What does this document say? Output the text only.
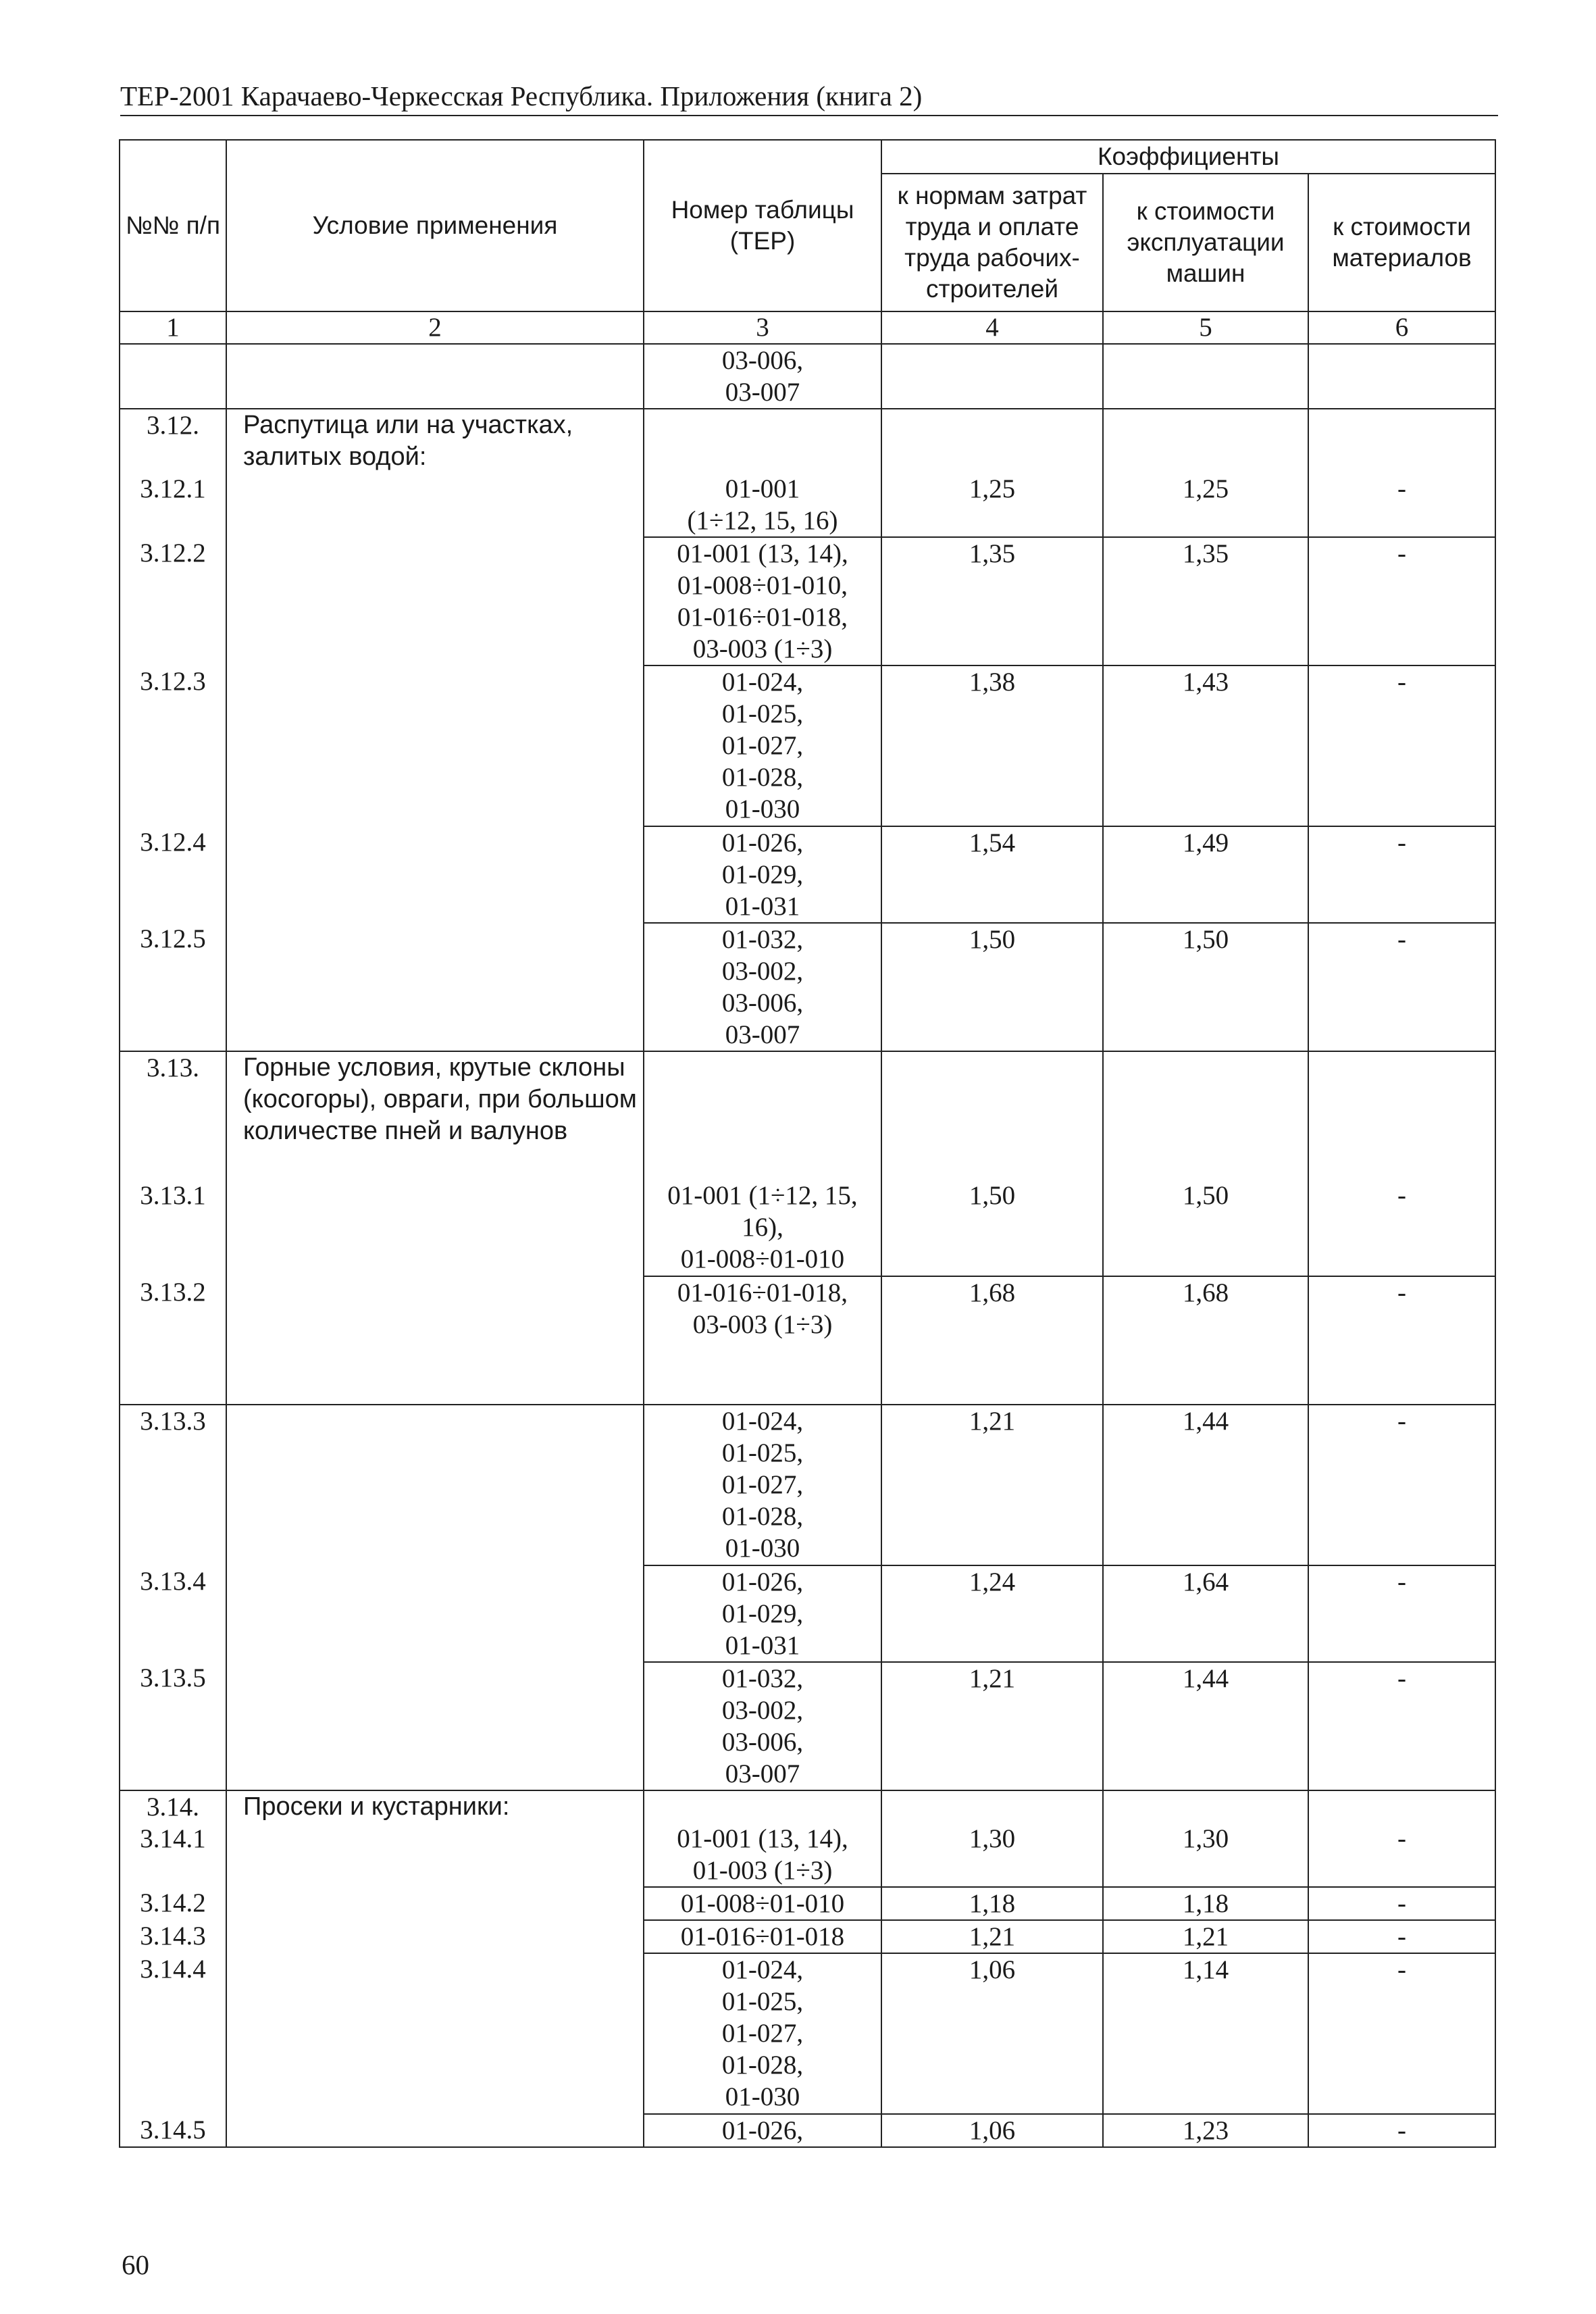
ТЕР-2001 Карачаево-Черкесская Республика. Приложения (книга 2)
№№ п/п	Условие применения	Номер таблицы (ТЕР)	Коэффициенты		
			к нормам затрат труда и оплате труда рабочих-строителей	к стоимости эксплуатации машин	к стоимости материалов
1	2	3	4	5	6

		03-006,
03-007			

3.12.	Распутица или на участках, залитых водой:				
3.12.1		01-001
(1÷12, 15, 16)	1,25	1,25	-
3.12.2		01-001 (13, 14),
01-008÷01-010,
01-016÷01-018,
03-003 (1÷3)	1,35	1,35	-
3.12.3		01-024,
01-025,
01-027,
01-028,
01-030	1,38	1,43	-
3.12.4		01-026,
01-029,
01-031	1,54	1,49	-
3.12.5		01-032,
03-002,
03-006,
03-007	1,50	1,50	-
3.13.	Горные условия, крутые склоны (косогоры), овраги, при большом количестве пней и валунов				
3.13.1		01-001 (1÷12, 15,
16),
01-008÷01-010	1,50	1,50	-
3.13.2		01-016÷01-018,
03-003 (1÷3)	1,68	1,68	-
3.13.3		01-024,
01-025,
01-027,
01-028,
01-030	1,21	1,44	-
3.13.4		01-026,
01-029,
01-031	1,24	1,64	-
3.13.5		01-032,
03-002,
03-006,
03-007	1,21	1,44	-
3.14.	Просеки и кустарники:				
3.14.1		01-001 (13, 14),
01-003 (1÷3)	1,30	1,30	-
3.14.2		01-008÷01-010	1,18	1,18	-
3.14.3		01-016÷01-018	1,21	1,21	-
3.14.4		01-024,
01-025,
01-027,
01-028,
01-030	1,06	1,14	-
3.14.5		01-026,	1,06	1,23	-
60
